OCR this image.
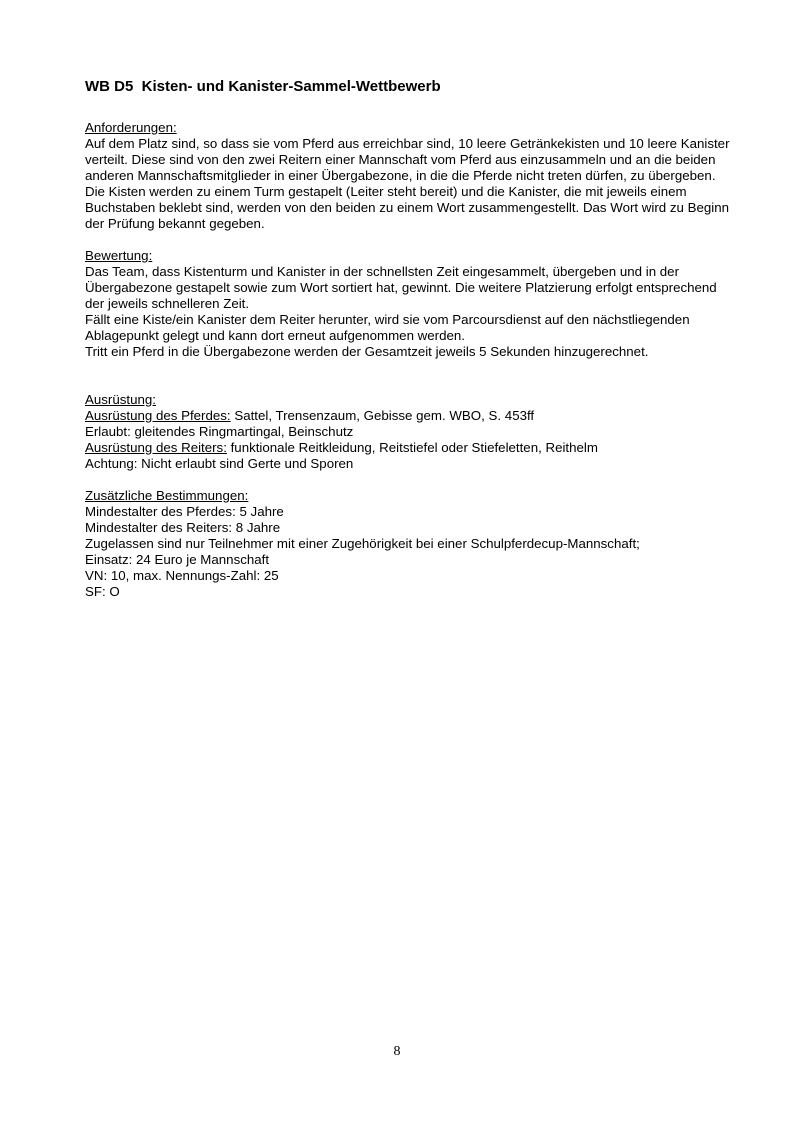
WB D5  Kisten- und Kanister-Sammel-Wettbewerb
Anforderungen:

Auf dem Platz sind, so dass sie vom Pferd aus erreichbar sind, 10 leere Getränkekisten und 10 leere Kanister verteilt. Diese sind von den zwei Reitern einer Mannschaft vom Pferd aus einzusammeln und an die beiden anderen Mannschaftsmitglieder in einer Übergabezone, in die die Pferde nicht treten dürfen, zu übergeben.

Die Kisten werden zu einem Turm gestapelt (Leiter steht bereit) und die Kanister, die mit jeweils einem Buchstaben beklebt sind, werden von den beiden zu einem Wort zusammengestellt. Das Wort wird zu Beginn der Prüfung bekannt gegeben.

Bewertung:

Das Team, dass Kistenturm und Kanister in der schnellsten Zeit eingesammelt, übergeben und in der Übergabezone gestapelt sowie zum Wort sortiert hat, gewinnt. Die weitere Platzierung erfolgt entsprechend der jeweils schnelleren Zeit.

Fällt eine Kiste/ein Kanister dem Reiter herunter, wird sie vom Parcoursdienst auf den nächstliegenden Ablagepunkt gelegt und kann dort erneut aufgenommen werden.

Tritt ein Pferd in die Übergabezone werden der Gesamtzeit jeweils 5 Sekunden hinzugerechnet.

Ausrüstung:

Ausrüstung des Pferdes: Sattel, Trensenzaum, Gebisse gem. WBO, S. 453ff

Erlaubt: gleitendes Ringmartingal, Beinschutz

Ausrüstung des Reiters: funktionale Reitkleidung, Reitstiefel oder Stiefeletten, Reithelm

Achtung: Nicht erlaubt sind Gerte und Sporen

Zusätzliche Bestimmungen:

Mindestalter des Pferdes: 5 Jahre

Mindestalter des Reiters: 8 Jahre

Zugelassen sind nur Teilnehmer mit einer Zugehörigkeit bei einer Schulpferdecup-Mannschaft;

Einsatz: 24 Euro je Mannschaft

VN: 10, max. Nennungs-Zahl: 25

SF: O

8
